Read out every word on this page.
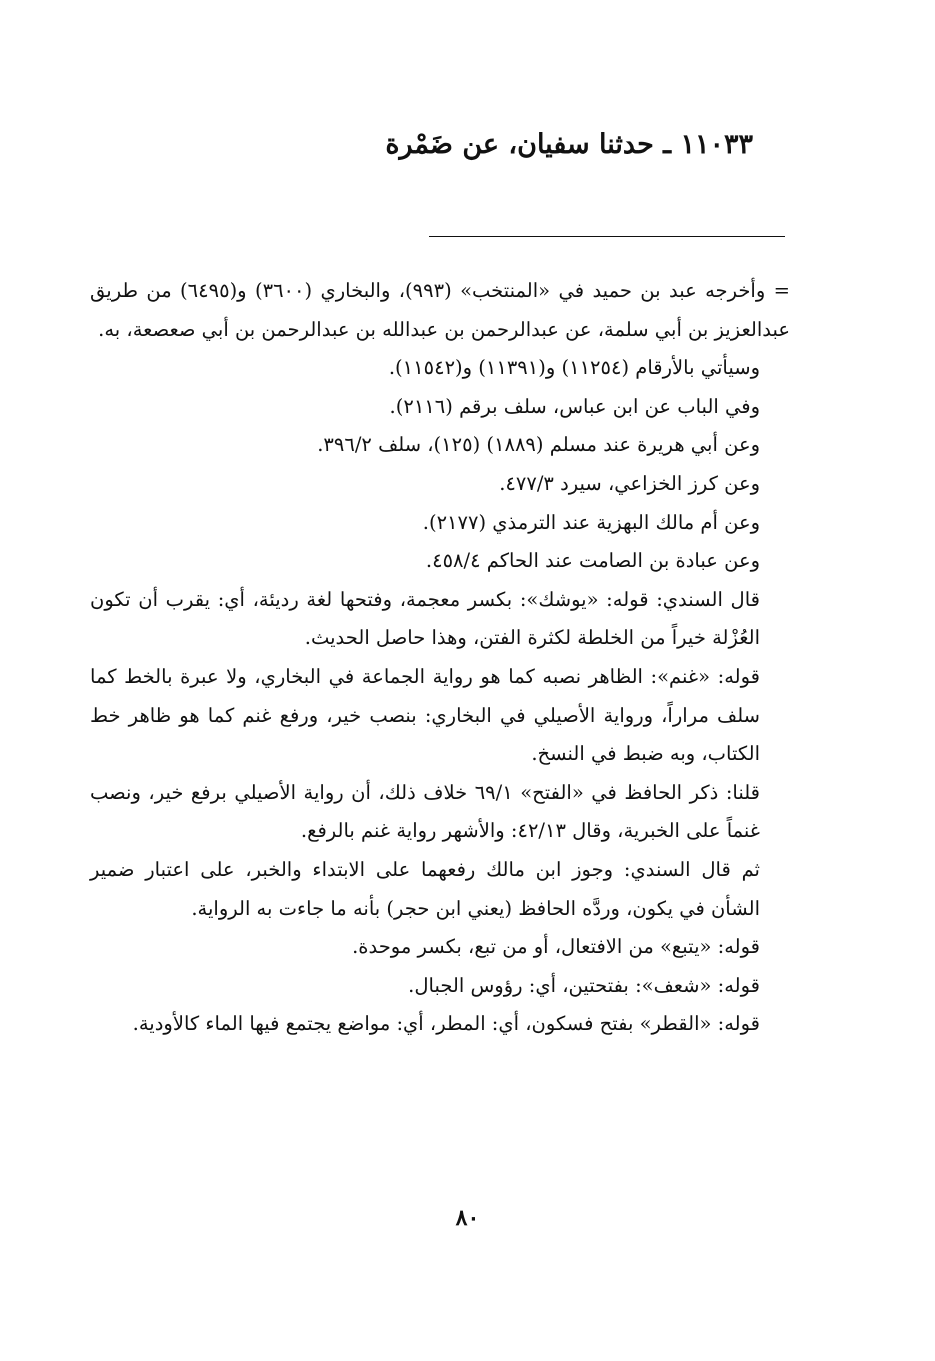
١١٠٣٣ ـ حدثنا سفيان، عن ضَمْرة

= وأخرجه عبد بن حميد في «المنتخب» (٩٩٣)، والبخاري (٣٦٠٠) و(٦٤٩٥) من طريق عبدالعزيز بن أبي سلمة، عن عبدالرحمن بن عبدالله بن عبدالرحمن بن أبي صعصعة، به.

وسيأتي بالأرقام (١١٢٥٤) و(١١٣٩١) و(١١٥٤٢).

وفي الباب عن ابن عباس، سلف برقم (٢١١٦).

وعن أبي هريرة عند مسلم (١٨٨٩) (١٢٥)، سلف ٣٩٦/٢.

وعن كرز الخزاعي، سيرد ٤٧٧/٣.

وعن أم مالك البهزية عند الترمذي (٢١٧٧).

وعن عبادة بن الصامت عند الحاكم ٤٥٨/٤.

قال السندي: قوله: «يوشك»: بكسر معجمة، وفتحها لغة رديئة، أي: يقرب أن تكون العُزْلة خيراً من الخلطة لكثرة الفتن، وهذا حاصل الحديث.

قوله: «غنم»: الظاهر نصبه كما هو رواية الجماعة في البخاري، ولا عبرة بالخط كما سلف مراراً، ورواية الأصيلي في البخاري: بنصب خير، ورفع غنم كما هو ظاهر خط الكتاب، وبه ضبط في النسخ.

قلنا: ذكر الحافظ في «الفتح» ٦٩/١ خلاف ذلك، أن رواية الأصيلي برفع خير، ونصب غنماً على الخبرية، وقال ٤٢/١٣: والأشهر رواية غنم بالرفع.

ثم قال السندي: وجوز ابن مالك رفعهما على الابتداء والخبر، على اعتبار ضمير الشأن في يكون، وردَّه الحافظ (يعني ابن حجر) بأنه ما جاءت به الرواية.

قوله: «يتبع» من الافتعال، أو من تبع، بكسر موحدة.

قوله: «شعف»: بفتحتين، أي: رؤوس الجبال.

قوله: «القطر» بفتح فسكون، أي: المطر، أي: مواضع يجتمع فيها الماء كالأودية.

٨٠
